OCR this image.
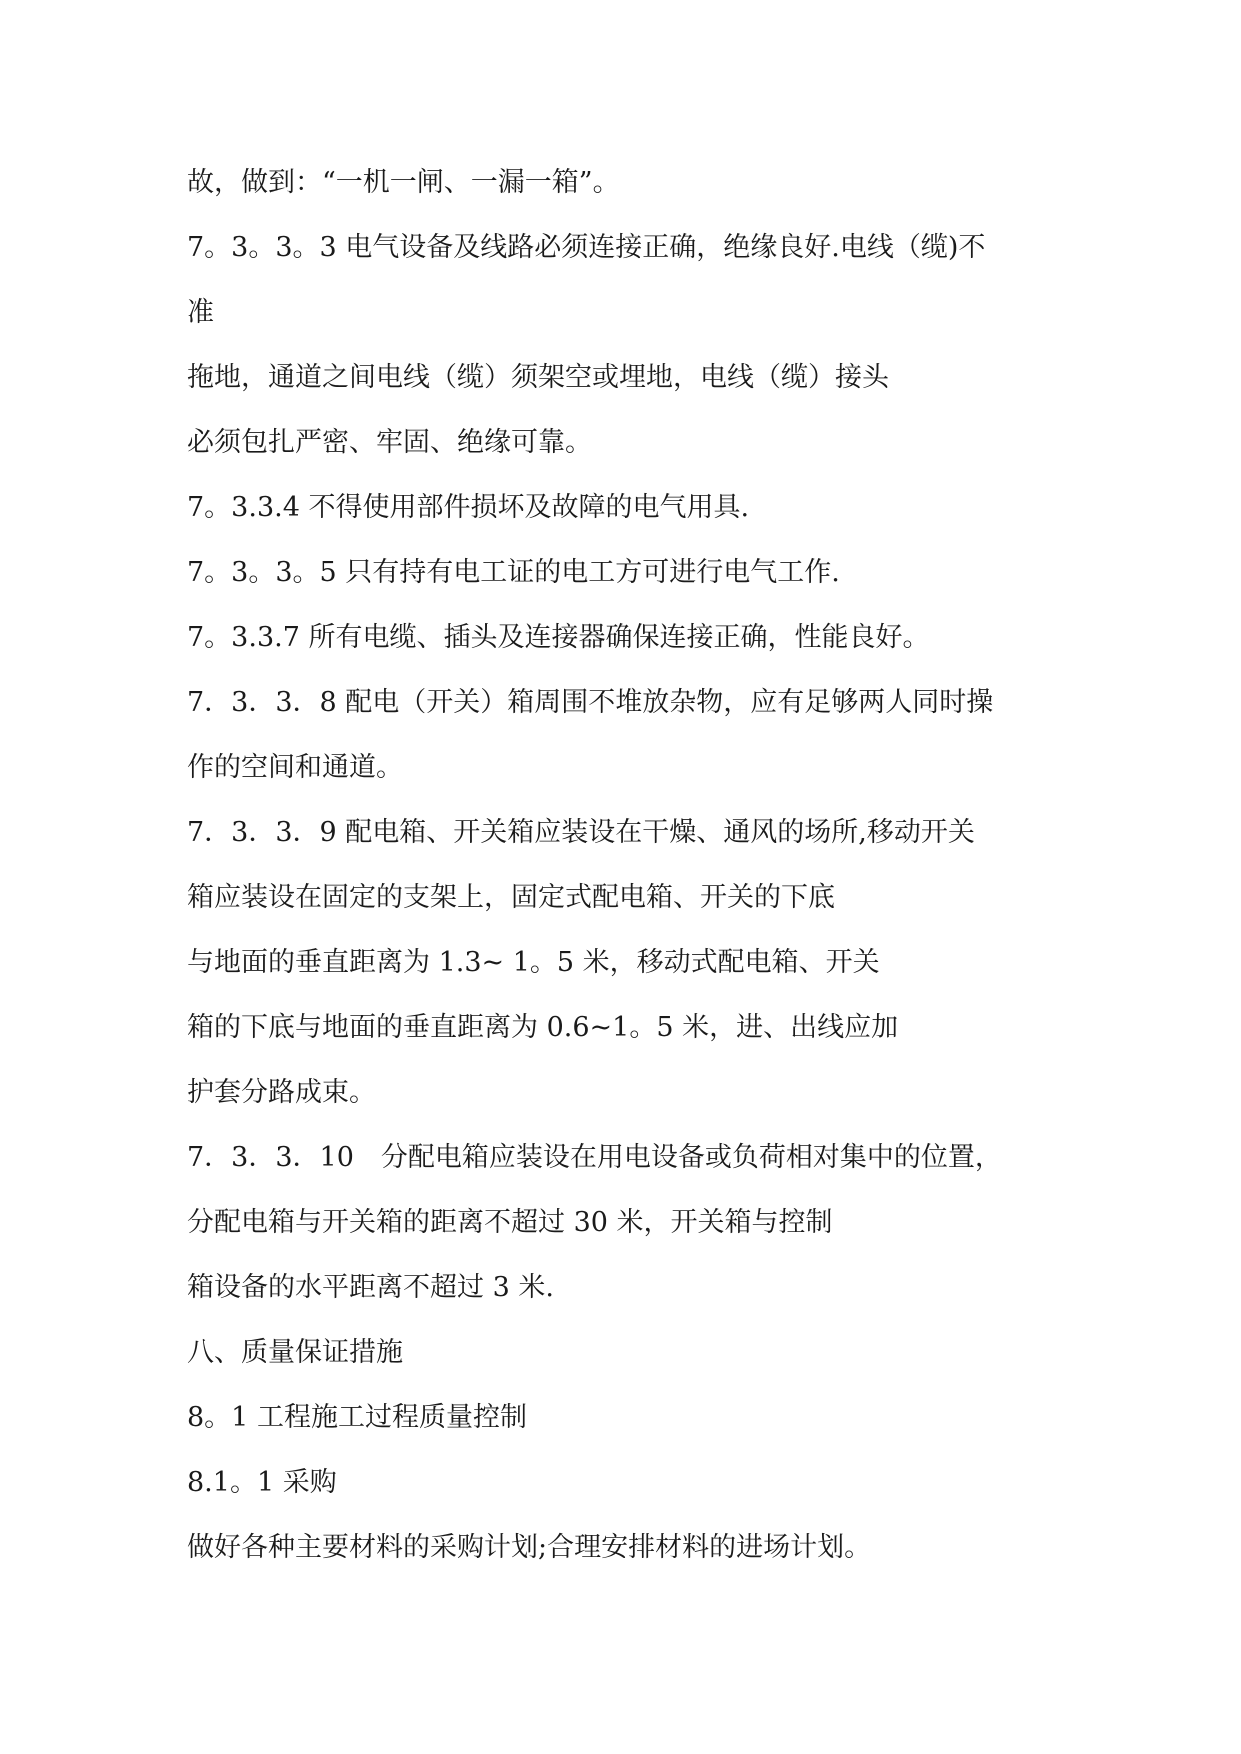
故，做到：“一机一闸、一漏一箱”。
7。3。3。3 电气设备及线路必须连接正确，绝缘良好.电线（缆)不
准
拖地，通道之间电线（缆）须架空或埋地，电线（缆）接头
必须包扎严密、牢固、绝缘可靠。
7。3.3.4 不得使用部件损坏及故障的电气用具.
7。3。3。5 只有持有电工证的电工方可进行电气工作.
7。3.3.7 所有电缆、插头及连接器确保连接正确，性能良好。
7．3．3．8 配电（开关）箱周围不堆放杂物，应有足够两人同时操
作的空间和通道。
7．3．3．9 配电箱、开关箱应装设在干燥、通风的场所,移动开关
箱应装设在固定的支架上，固定式配电箱、开关的下底
与地面的垂直距离为 1.3~ 1。5 米，移动式配电箱、开关
箱的下底与地面的垂直距离为 0.6~1。5 米，进、出线应加
护套分路成束。
7．3．3．10　分配电箱应装设在用电设备或负荷相对集中的位置，
分配电箱与开关箱的距离不超过 30 米，开关箱与控制
箱设备的水平距离不超过 3 米.
八、质量保证措施
8。1 工程施工过程质量控制
8.1。1 采购
做好各种主要材料的采购计划;合理安排材料的进场计划。
